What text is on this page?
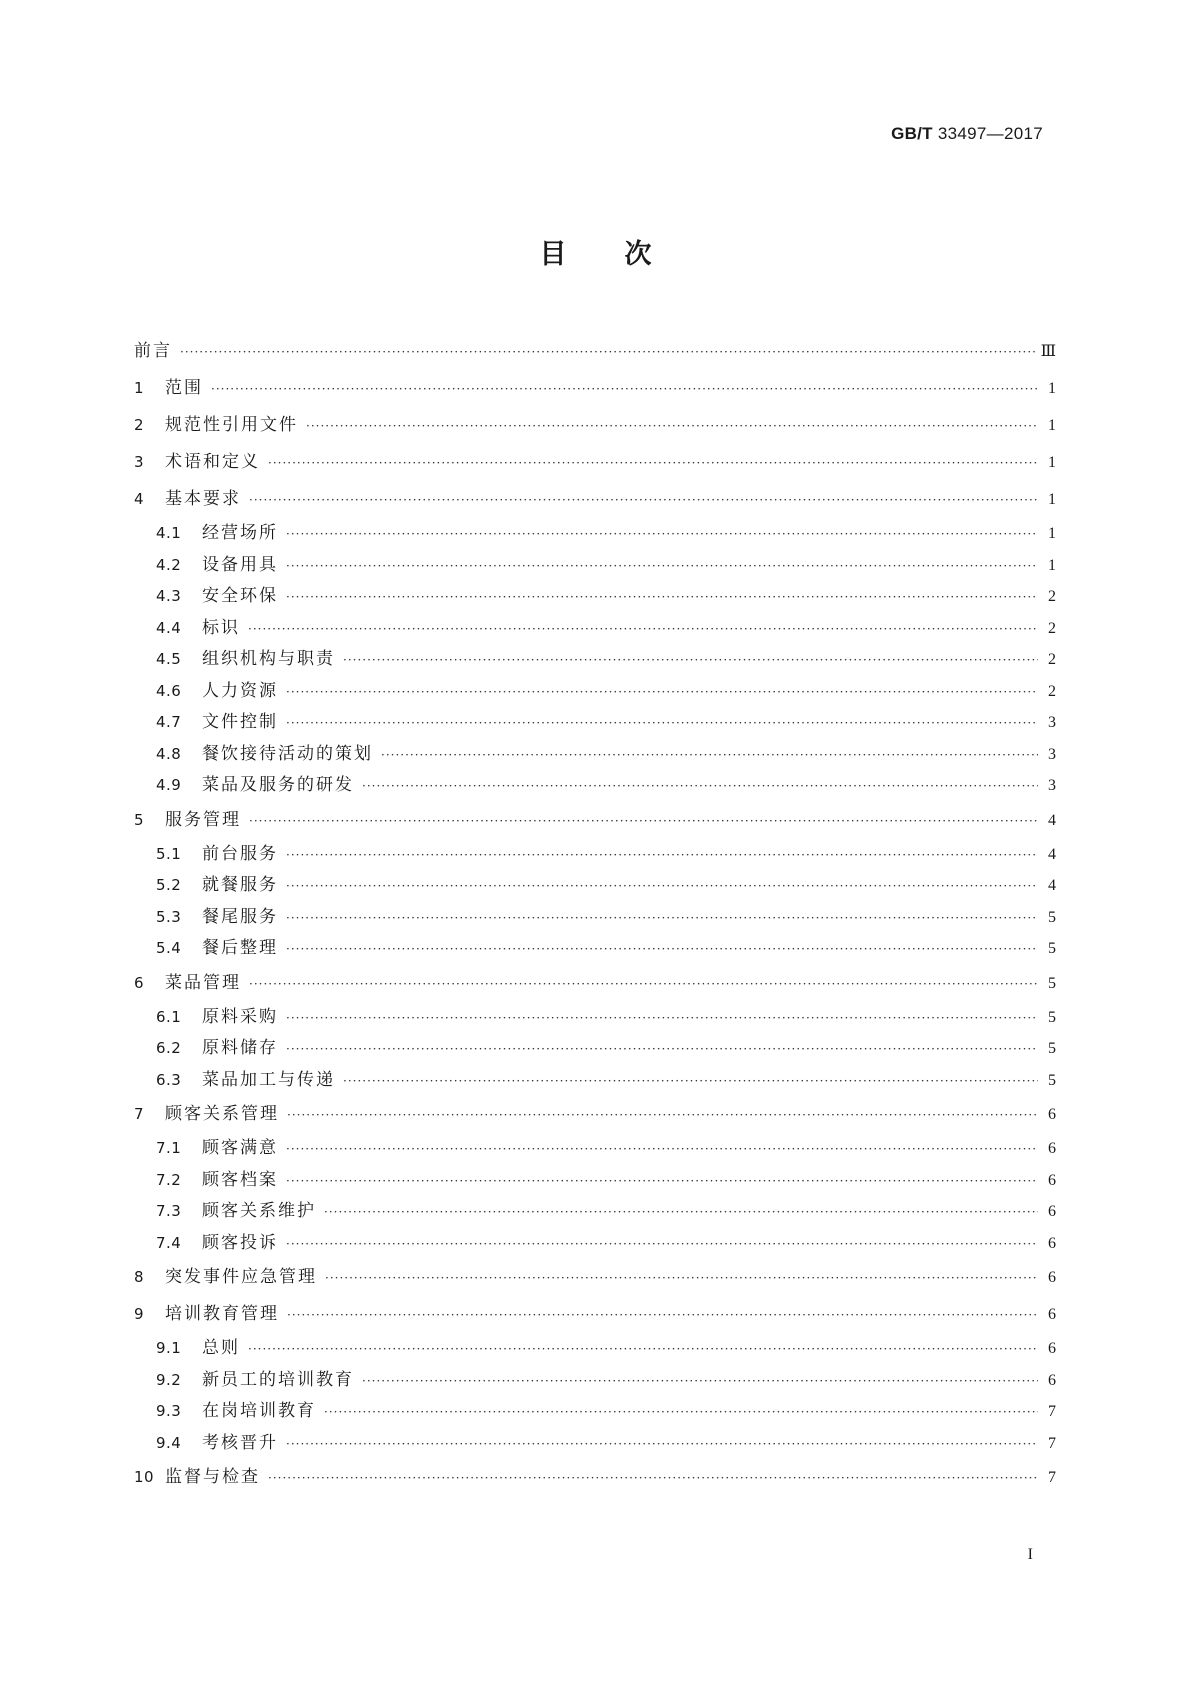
GB/T 33497—2017
目 次
前言 ·····	Ⅲ
1	范围 ·····	1
2	规范性引用文件 ·····	1
3	术语和定义 ·····	1
4	基本要求 ·····	1
4.1	经营场所 ·····	1
4.2	设备用具 ·····	1
4.3	安全环保 ·····	2
4.4	标识 ·····	2
4.5	组织机构与职责 ·····	2
4.6	人力资源 ·····	2
4.7	文件控制 ·····	3
4.8	餐饮接待活动的策划 ·····	3
4.9	菜品及服务的研发 ·····	3
5	服务管理 ·····	4
5.1	前台服务 ·····	4
5.2	就餐服务 ·····	4
5.3	餐尾服务 ·····	5
5.4	餐后整理 ·····	5
6	菜品管理 ·····	5
6.1	原料采购 ·····	5
6.2	原料储存 ·····	5
6.3	菜品加工与传递 ·····	5
7	顾客关系管理 ·····	6
7.1	顾客满意 ·····	6
7.2	顾客档案 ·····	6
7.3	顾客关系维护 ·····	6
7.4	顾客投诉 ·····	6
8	突发事件应急管理 ·····	6
9	培训教育管理 ·····	6
9.1	总则 ·····	6
9.2	新员工的培训教育 ·····	6
9.3	在岗培训教育 ·····	7
9.4	考核晋升 ·····	7
10 监督与检查 ·····	7
I
